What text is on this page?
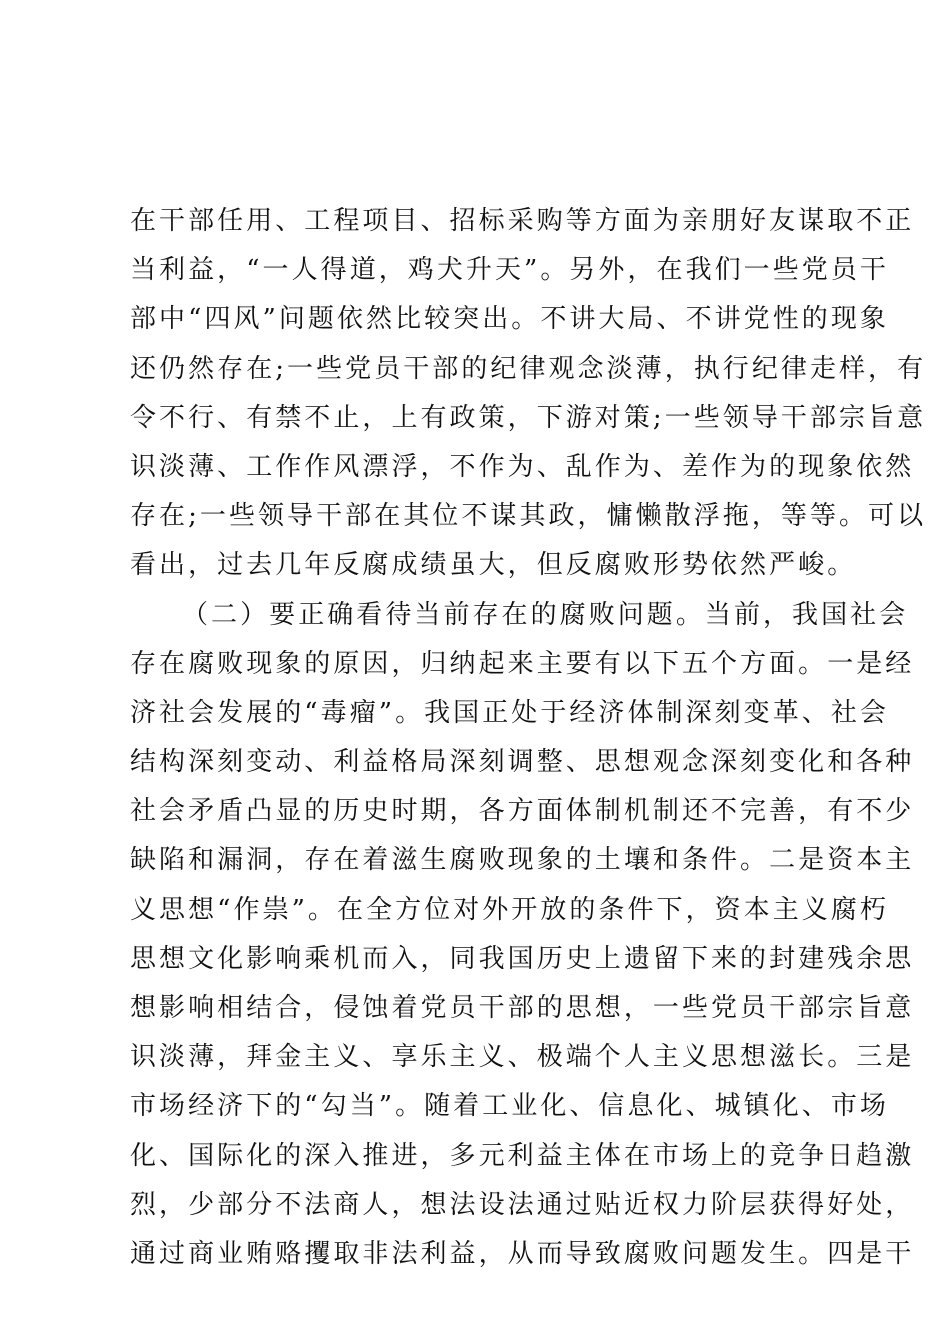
在干部任用、工程项目、招标采购等方面为亲朋好友谋取不正
当利益，“一人得道，鸡犬升天”。另外，在我们一些党员干
部中“四风”问题依然比较突出。不讲大局、不讲党性的现象
还仍然存在;一些党员干部的纪律观念淡薄，执行纪律走样，有
令不行、有禁不止，上有政策，下游对策;一些领导干部宗旨意
识淡薄、工作作风漂浮，不作为、乱作为、差作为的现象依然
存在;一些领导干部在其位不谋其政，慵懒散浮拖，等等。可以
看出，过去几年反腐成绩虽大，但反腐败形势依然严峻。
（二）要正确看待当前存在的腐败问题。当前，我国社会
存在腐败现象的原因，归纳起来主要有以下五个方面。一是经
济社会发展的“毒瘤”。我国正处于经济体制深刻变革、社会
结构深刻变动、利益格局深刻调整、思想观念深刻变化和各种
社会矛盾凸显的历史时期，各方面体制机制还不完善，有不少
缺陷和漏洞，存在着滋生腐败现象的土壤和条件。二是资本主
义思想“作祟”。在全方位对外开放的条件下，资本主义腐朽
思想文化影响乘机而入，同我国历史上遗留下来的封建残余思
想影响相结合，侵蚀着党员干部的思想，一些党员干部宗旨意
识淡薄，拜金主义、享乐主义、极端个人主义思想滋长。三是
市场经济下的“勾当”。随着工业化、信息化、城镇化、市场
化、国际化的深入推进，多元利益主体在市场上的竞争日趋激
烈，少部分不法商人，想法设法通过贴近权力阶层获得好处，
通过商业贿赂攫取非法利益，从而导致腐败问题发生。四是干
